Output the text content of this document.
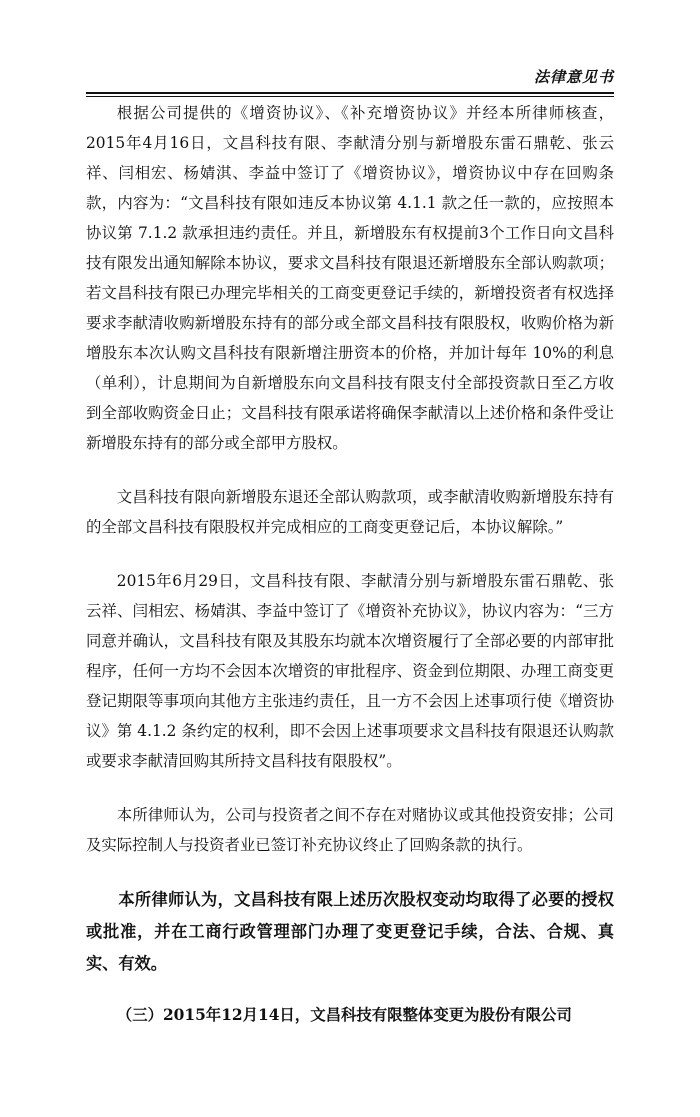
法律意见书

根据公司提供的《增资协议》、《补充增资协议》并经本所律师核查，2015年4月16日，文昌科技有限、李献清分别与新增股东雷石鼎乾、张云祥、闫相宏、杨婧淇、李益中签订了《增资协议》，增资协议中存在回购条款，内容为：“文昌科技有限如违反本协议第 4.1.1 款之任一款的，应按照本协议第 7.1.2 款承担违约责任。并且，新增股东有权提前3个工作日向文昌科技有限发出通知解除本协议，要求文昌科技有限退还新增股东全部认购款项；若文昌科技有限已办理完毕相关的工商变更登记手续的，新增投资者有权选择要求李献清收购新增股东持有的部分或全部文昌科技有限股权，收购价格为新增股东本次认购文昌科技有限新增注册资本的价格，并加计每年 10%的利息（单利），计息期间为自新增股东向文昌科技有限支付全部投资款日至乙方收到全部收购资金日止；文昌科技有限承诺将确保李献清以上述价格和条件受让新增股东持有的部分或全部甲方股权。

文昌科技有限向新增股东退还全部认购款项，或李献清收购新增股东持有的全部文昌科技有限股权并完成相应的工商变更登记后，本协议解除。”

2015年6月29日，文昌科技有限、李献清分别与新增股东雷石鼎乾、张云祥、闫相宏、杨婧淇、李益中签订了《增资补充协议》，协议内容为：“三方同意并确认，文昌科技有限及其股东均就本次增资履行了全部必要的内部审批程序，任何一方均不会因本次增资的审批程序、资金到位期限、办理工商变更登记期限等事项向其他方主张违约责任，且一方不会因上述事项行使《增资协议》第 4.1.2 条约定的权利，即不会因上述事项要求文昌科技有限退还认购款或要求李献清回购其所持文昌科技有限股权”。

本所律师认为，公司与投资者之间不存在对赌协议或其他投资安排；公司及实际控制人与投资者业已签订补充协议终止了回购条款的执行。

本所律师认为，文昌科技有限上述历次股权变动均取得了必要的授权或批准，并在工商行政管理部门办理了变更登记手续，合法、合规、真实、有效。

（三）2015年12月14日，文昌科技有限整体变更为股份有限公司
